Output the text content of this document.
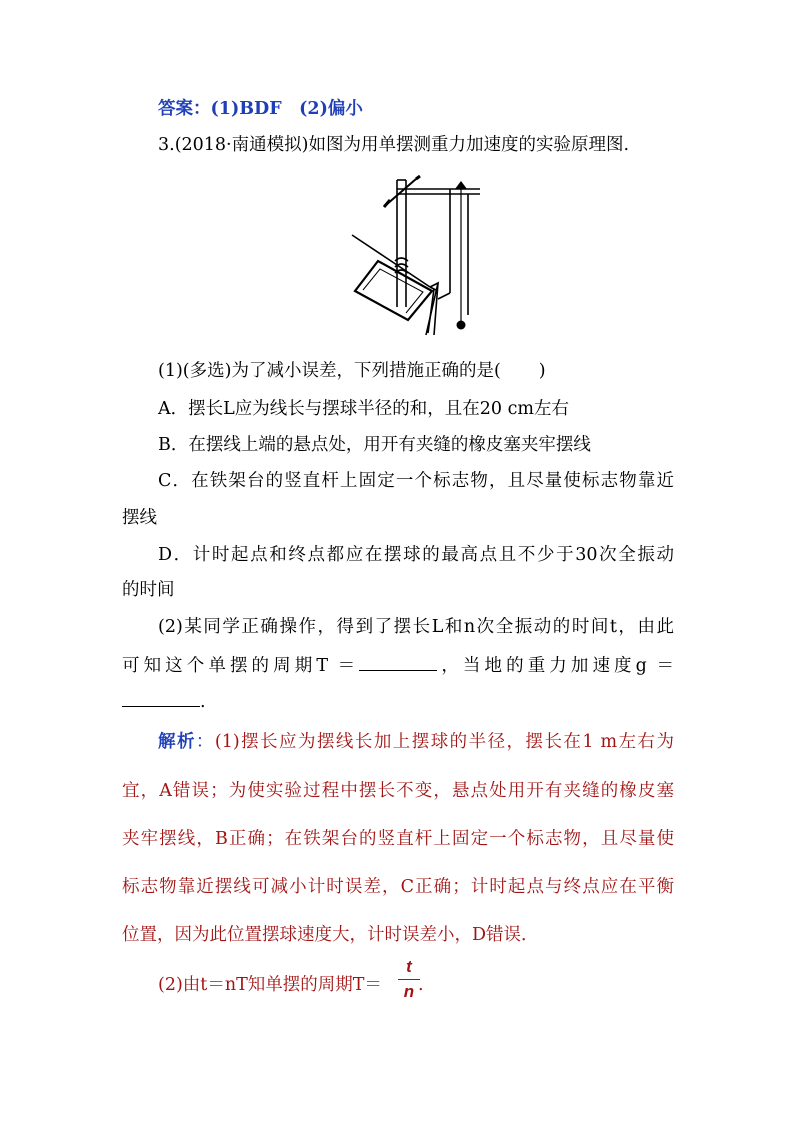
答案：(1)BDF　(2)偏小
3.(2018·南通模拟)如图为用单摆测重力加速度的实验原理图.
(1)(多选)为了减小误差，下列措施正确的是( )
A．摆长L应为线长与摆球半径的和，且在20 cm左右
B．在摆线上端的悬点处，用开有夹缝的橡皮塞夹牢摆线
C．在铁架台的竖直杆上固定一个标志物，且尽量使标志物靠近
摆线
D．计时起点和终点都应在摆球的最高点且不少于30次全振动
的时间
(2)某同学正确操作，得到了摆长L和n次全振动的时间t，由此
可知这个单摆的周期T ＝	，当地的重力加速度g ＝
.
解析：(1)摆长应为摆线长加上摆球的半径，摆长在1 m左右为
宜，A错误；为使实验过程中摆长不变，悬点处用开有夹缝的橡皮塞
夹牢摆线，B正确；在铁架台的竖直杆上固定一个标志物，且尽量使
标志物靠近摆线可减小计时误差，C正确；计时起点与终点应在平衡
位置，因为此位置摆球速度大，计时误差小，D错误．
(2)由t＝nT知单摆的周期T＝
t
n .
